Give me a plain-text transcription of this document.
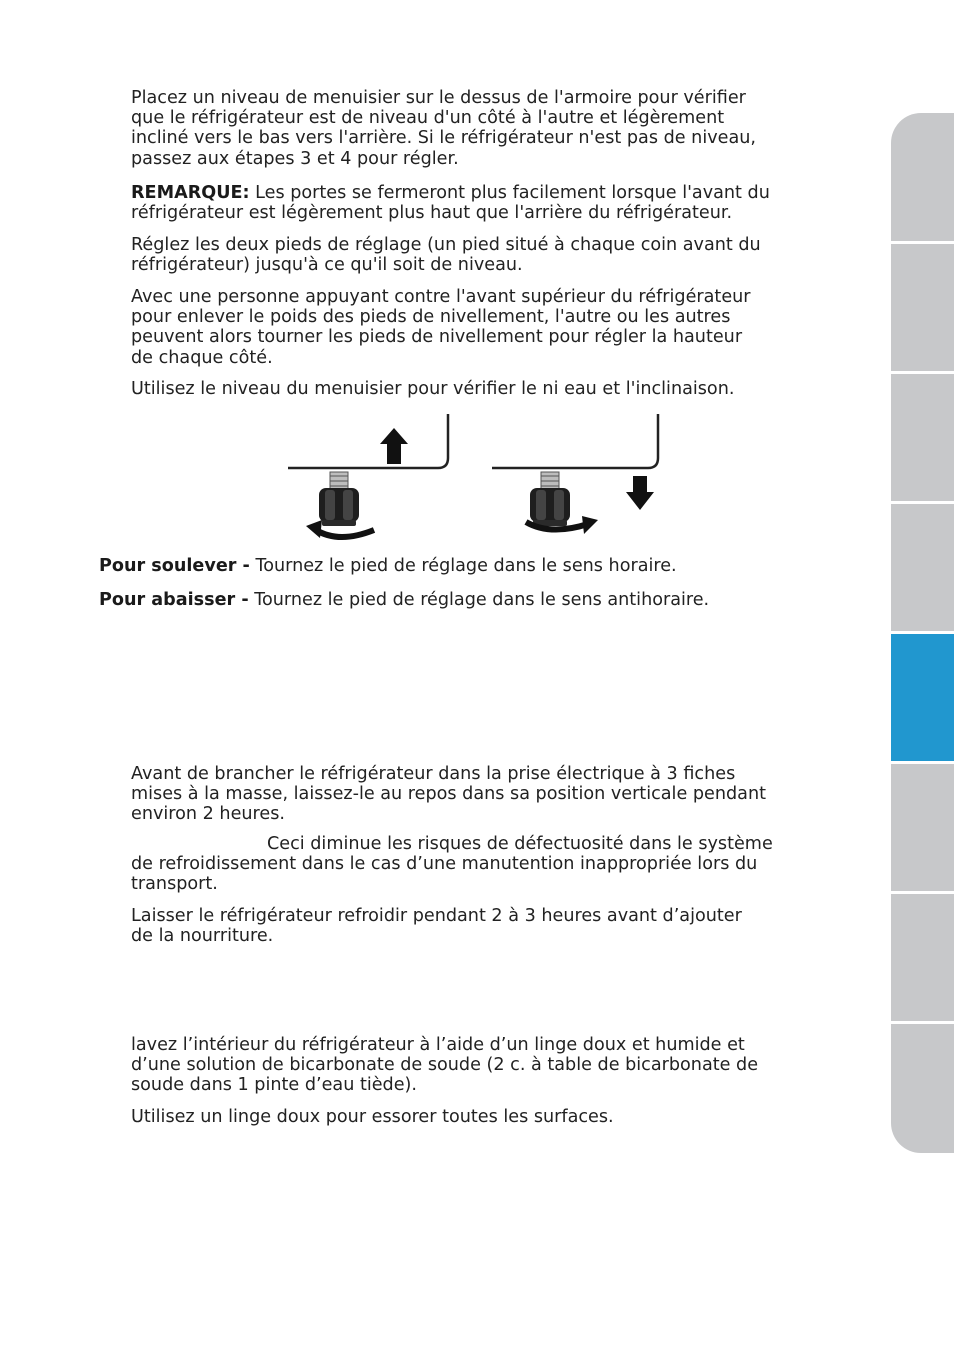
Placez un niveau de menuisier sur le dessus de l'armoire pour vérifier
que le réfrigérateur est de niveau d'un côté à l'autre et légèrement
incliné vers le bas vers l'arrière. Si le réfrigérateur n'est pas de niveau,
passez aux étapes 3 et 4 pour régler.

REMARQUE: Les portes se fermeront plus facilement lorsque l'avant du
réfrigérateur est légèrement plus haut que l'arrière du réfrigérateur.

Réglez les deux pieds de réglage (un pied situé à chaque coin avant du
réfrigérateur) jusqu'à ce qu'il soit de niveau.

Avec une personne appuyant contre l'avant supérieur du réfrigérateur
pour enlever le poids des pieds de nivellement, l'autre ou les autres
peuvent alors tourner les pieds de nivellement pour régler la hauteur
de chaque côté.

Utilisez le niveau du menuisier pour vérifier le ni eau et l'inclinaison.

Pour soulever - Tournez le pied de réglage dans le sens horaire.

Pour abaisser - Tournez le pied de réglage dans le sens antihoraire.

Avant de brancher le réfrigérateur dans la prise électrique à 3 fiches
mises à la masse, laissez-le au repos dans sa position verticale pendant
environ 2 heures.

Ceci diminue les risques de défectuosité dans le système
de refroidissement dans le cas d’une manutention inappropriée lors du
transport.

Laisser le réfrigérateur refroidir pendant 2 à 3 heures avant d’ajouter
de la nourriture.

lavez l’intérieur du réfrigérateur à l’aide d’un linge doux et humide et
d’une solution de bicarbonate de soude (2 c. à table de bicarbonate de
soude dans 1 pinte d’eau tiède).

Utilisez un linge doux pour essorer toutes les surfaces.
